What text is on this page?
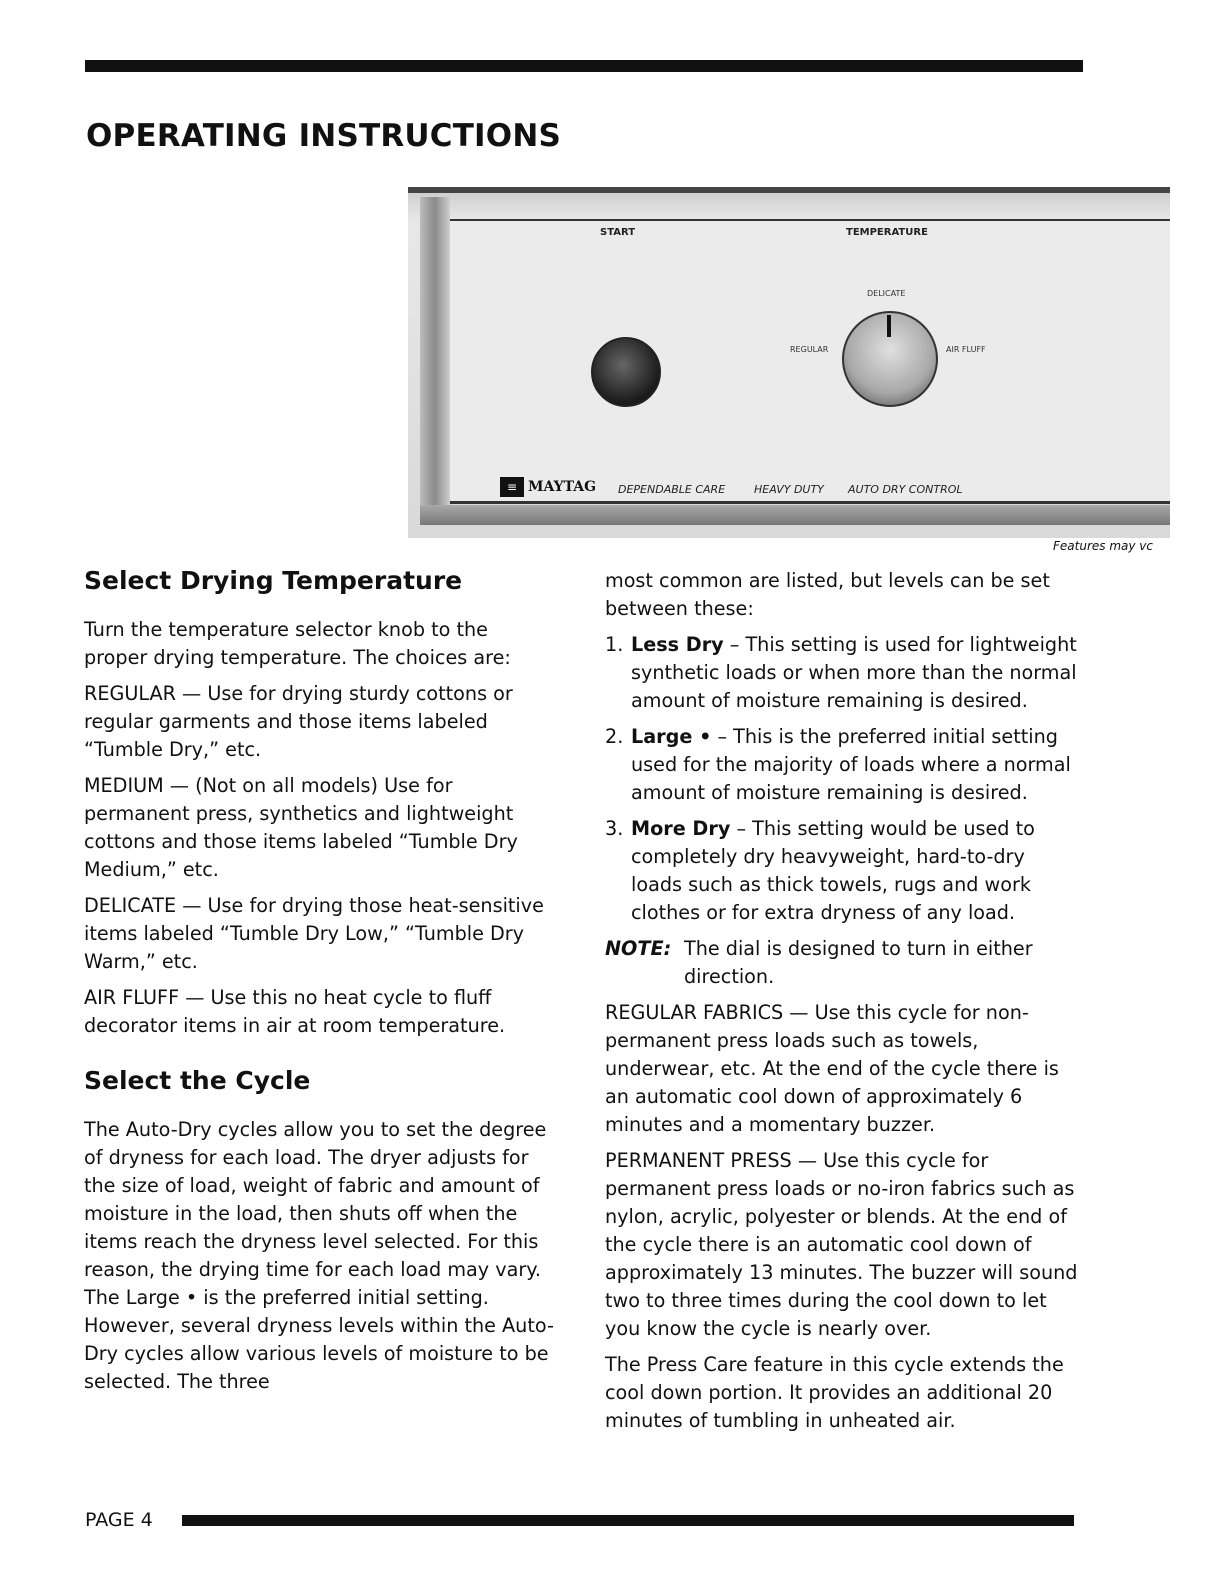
OPERATING INSTRUCTIONS
START	TEMPERATURE
DELICATE
REGULAR	AIR FLUFF
≡ MAYTAG DEPENDABLE CARE	HEAVY DUTY AUTO DRY CONTROL
Features may vc
Select Drying Temperature

Turn the temperature selector knob to the proper drying temperature. The choices are:

REGULAR — Use for drying sturdy cottons or regular garments and those items labeled “Tumble Dry,” etc.

MEDIUM — (Not on all models) Use for permanent press, synthetics and lightweight cottons and those items labeled “Tumble Dry Medium,” etc.

DELICATE — Use for drying those heat-sensitive items labeled “Tumble Dry Low,” “Tumble Dry Warm,” etc.

AIR FLUFF — Use this no heat cycle to fluff decorator items in air at room temperature.

Select the Cycle

The Auto-Dry cycles allow you to set the degree of dryness for each load. The dryer adjusts for the size of load, weight of fabric and amount of moisture in the load, then shuts off when the items reach the dryness level selected. For this reason, the drying time for each load may vary. The Large • is the preferred initial setting. However, several dryness levels within the Auto-Dry cycles allow various levels of moisture to be selected. The three

most common are listed, but levels can be set between these:

1. Less Dry – This setting is used for lightweight synthetic loads or when more than the normal amount of moisture remaining is desired.
2. Large • – This is the preferred initial setting used for the majority of loads where a normal amount of moisture remaining is desired.
3. More Dry – This setting would be used to completely dry heavyweight, hard-to-dry loads such as thick towels, rugs and work clothes or for extra dryness of any load.
NOTE: The dial is designed to turn in either direction.

REGULAR FABRICS — Use this cycle for non-permanent press loads such as towels, underwear, etc. At the end of the cycle there is an automatic cool down of approximately 6 minutes and a momentary buzzer.

PERMANENT PRESS — Use this cycle for permanent press loads or no-iron fabrics such as nylon, acrylic, polyester or blends. At the end of the cycle there is an automatic cool down of approximately 13 minutes. The buzzer will sound two to three times during the cool down to let you know the cycle is nearly over.

The Press Care feature in this cycle extends the cool down portion. It provides an additional 20 minutes of tumbling in unheated air.

PAGE 4
